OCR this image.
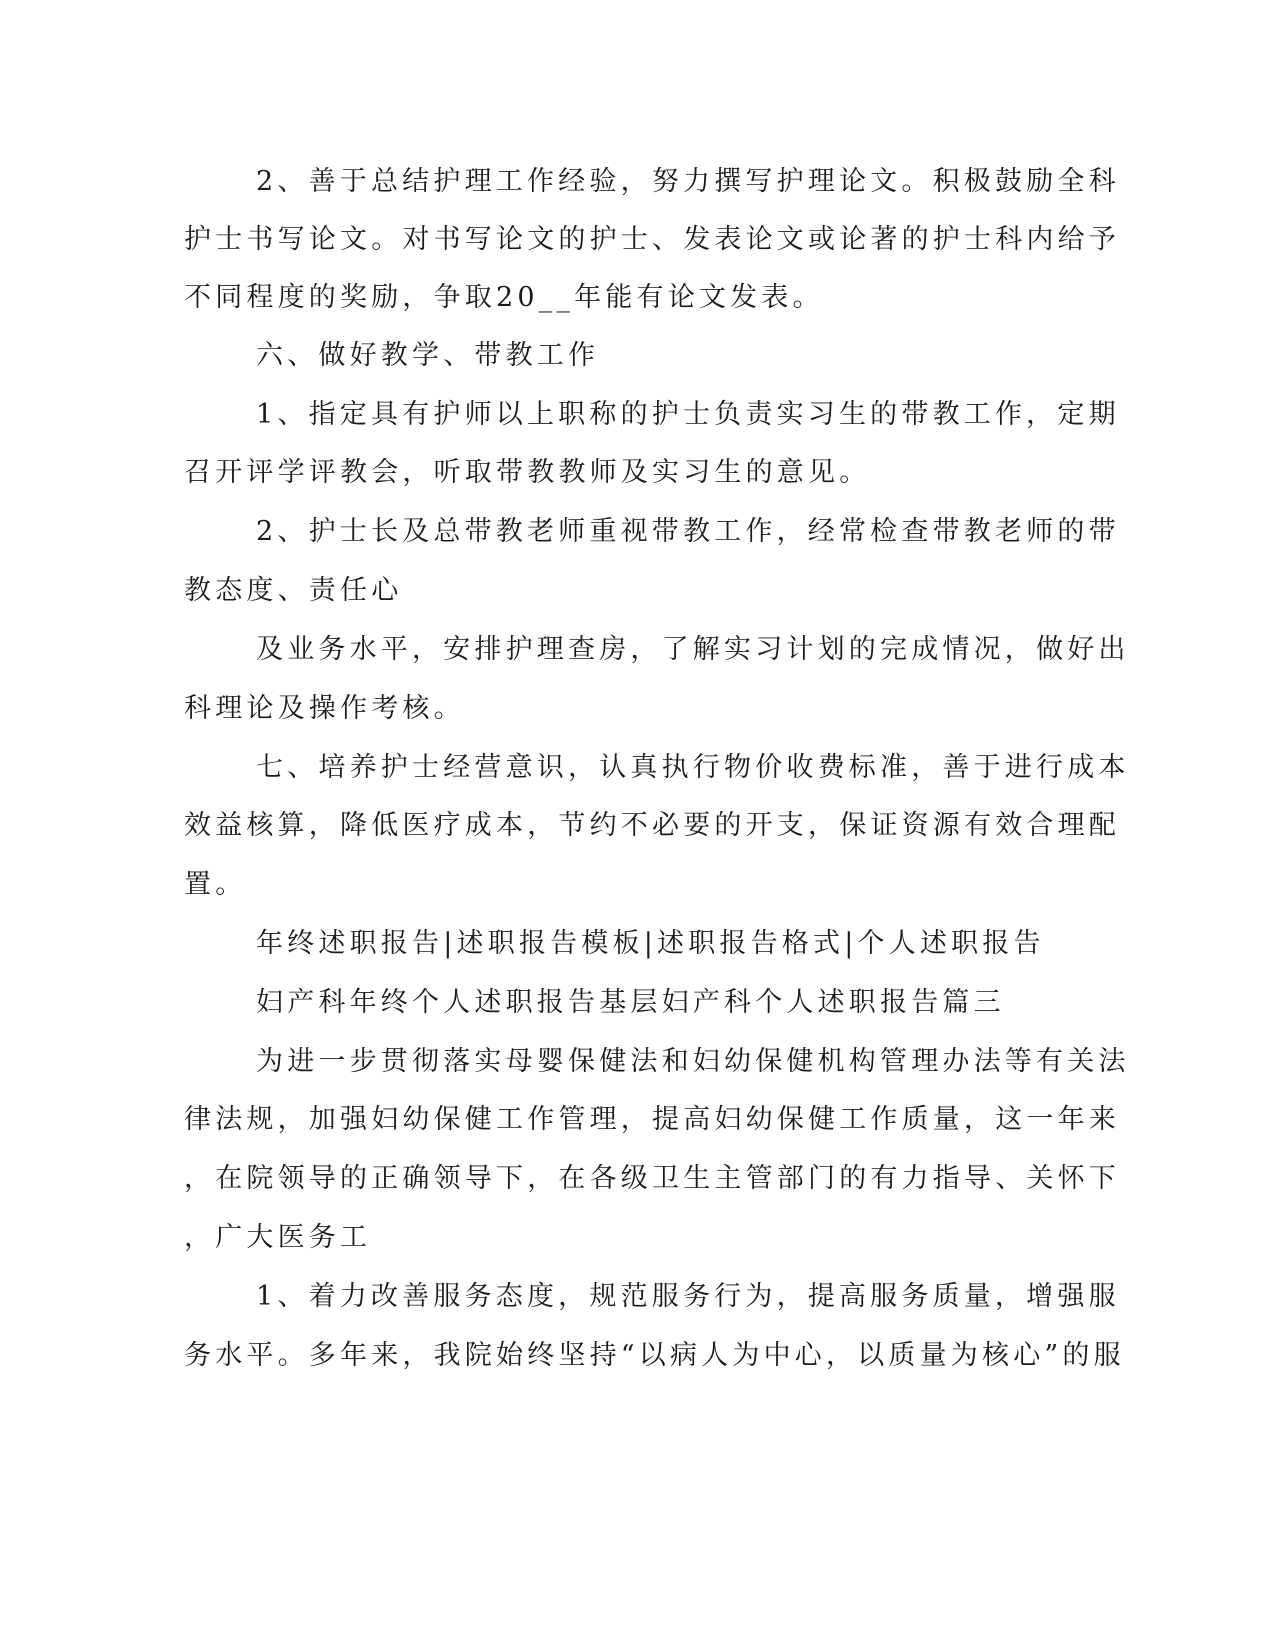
2、善于总结护理工作经验，努力撰写护理论文。积极鼓励全科
护士书写论文。对书写论文的护士、发表论文或论著的护士科内给予
不同程度的奖励，争取20__年能有论文发表。
六、做好教学、带教工作
1、指定具有护师以上职称的护士负责实习生的带教工作，定期
召开评学评教会，听取带教教师及实习生的意见。
2、护士长及总带教老师重视带教工作，经常检查带教老师的带
教态度、责任心
及业务水平，安排护理查房，了解实习计划的完成情况，做好出
科理论及操作考核。
七、培养护士经营意识，认真执行物价收费标准，善于进行成本
效益核算，降低医疗成本，节约不必要的开支，保证资源有效合理配
置。
年终述职报告|述职报告模板|述职报告格式|个人述职报告
妇产科年终个人述职报告基层妇产科个人述职报告篇三
为进一步贯彻落实母婴保健法和妇幼保健机构管理办法等有关法
律法规，加强妇幼保健工作管理，提高妇幼保健工作质量，这一年来
，在院领导的正确领导下，在各级卫生主管部门的有力指导、关怀下
，广大医务工
1、着力改善服务态度，规范服务行为，提高服务质量，增强服
务水平。多年来，我院始终坚持“以病人为中心，以质量为核心”的服
